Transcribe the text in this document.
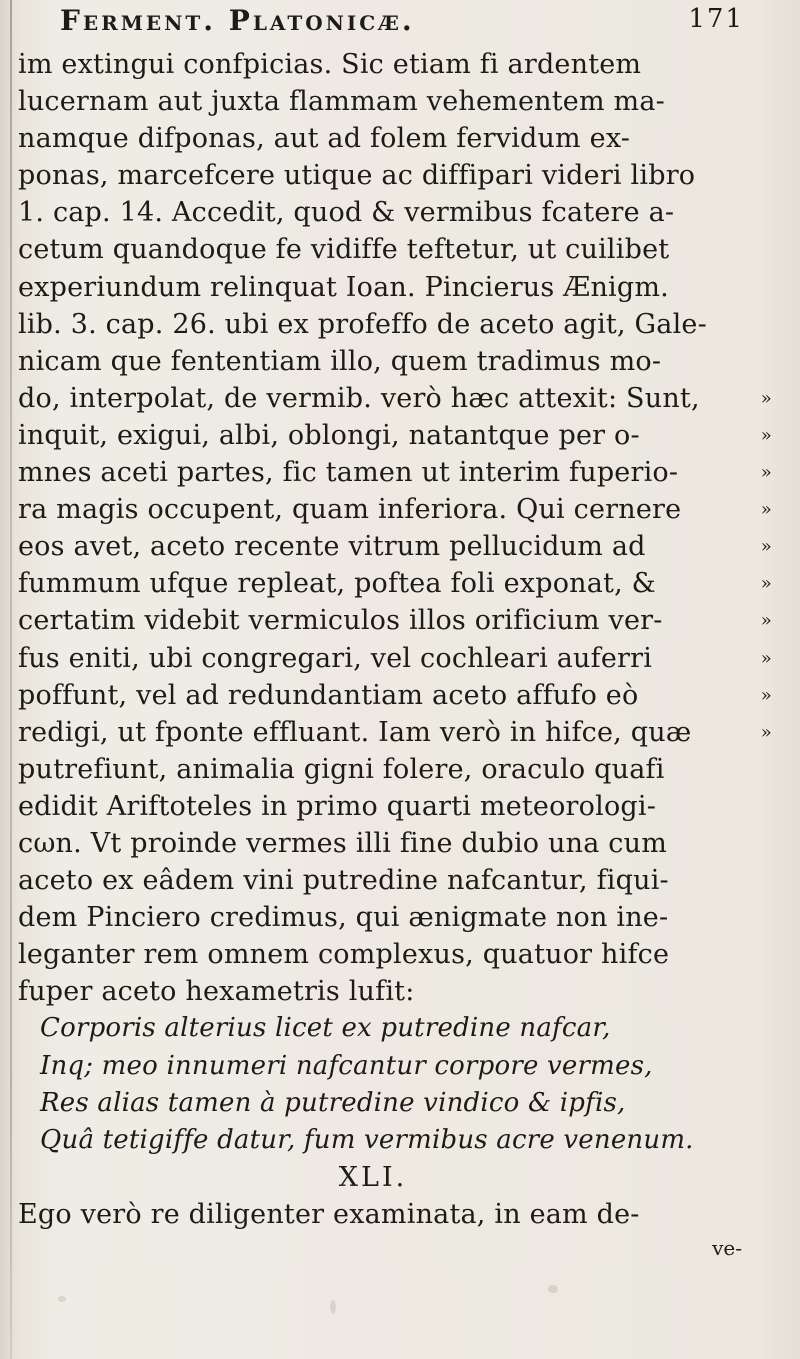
Ferment. Platonicæ.	171
im extingui confpicias. Sic etiam fi ardentem
lucernam aut juxta flammam vehementem ma-
namque difponas, aut ad folem fervidum ex-
ponas, marcefcere utique ac diffipari videri libro
1. cap. 14. Accedit, quod & vermibus fcatere a-
cetum quandoque fe vidiffe teftetur, ut cuilibet
experiundum relinquat Ioan. Pincierus Ænigm.
lib. 3. cap. 26. ubi ex profeffo de aceto agit, Gale-
nicam que fententiam illo, quem tradimus mo-
do, interpolat, de vermib. verò hæc attexit: Sunt,	»
inquit, exigui, albi, oblongi, natantque per o-	»
mnes aceti partes, fic tamen ut interim fuperio-	»
ra magis occupent, quam inferiora. Qui cernere	»
eos avet, aceto recente vitrum pellucidum ad	»
fummum ufque repleat, poftea foli exponat, &	»
certatim videbit vermiculos illos orificium ver-	»
fus eniti, ubi congregari, vel cochleari auferri	»
poffunt, vel ad redundantiam aceto affufo eò	»
redigi, ut fponte effluant. Iam verò in hifce, quæ	»
putrefiunt, animalia gigni folere, oraculo quafi
edidit Ariftoteles in primo quarti meteorologi-
cωn. Vt proinde vermes illi fine dubio una cum
aceto ex eâdem vini putredine nafcantur, fiqui-
dem Pinciero credimus, qui ænigmate non ine-
leganter rem omnem complexus, quatuor hifce
fuper aceto hexametris lufit:
Corporis alterius licet ex putredine nafcar,
Inq; meo innumeri nafcantur corpore vermes,
Res alias tamen à putredine vindico & ipfis,
Quâ tetigiffe datur, fum vermibus acre venenum.
XLI.
Ego verò re diligenter examinata, in eam de-
ve-
